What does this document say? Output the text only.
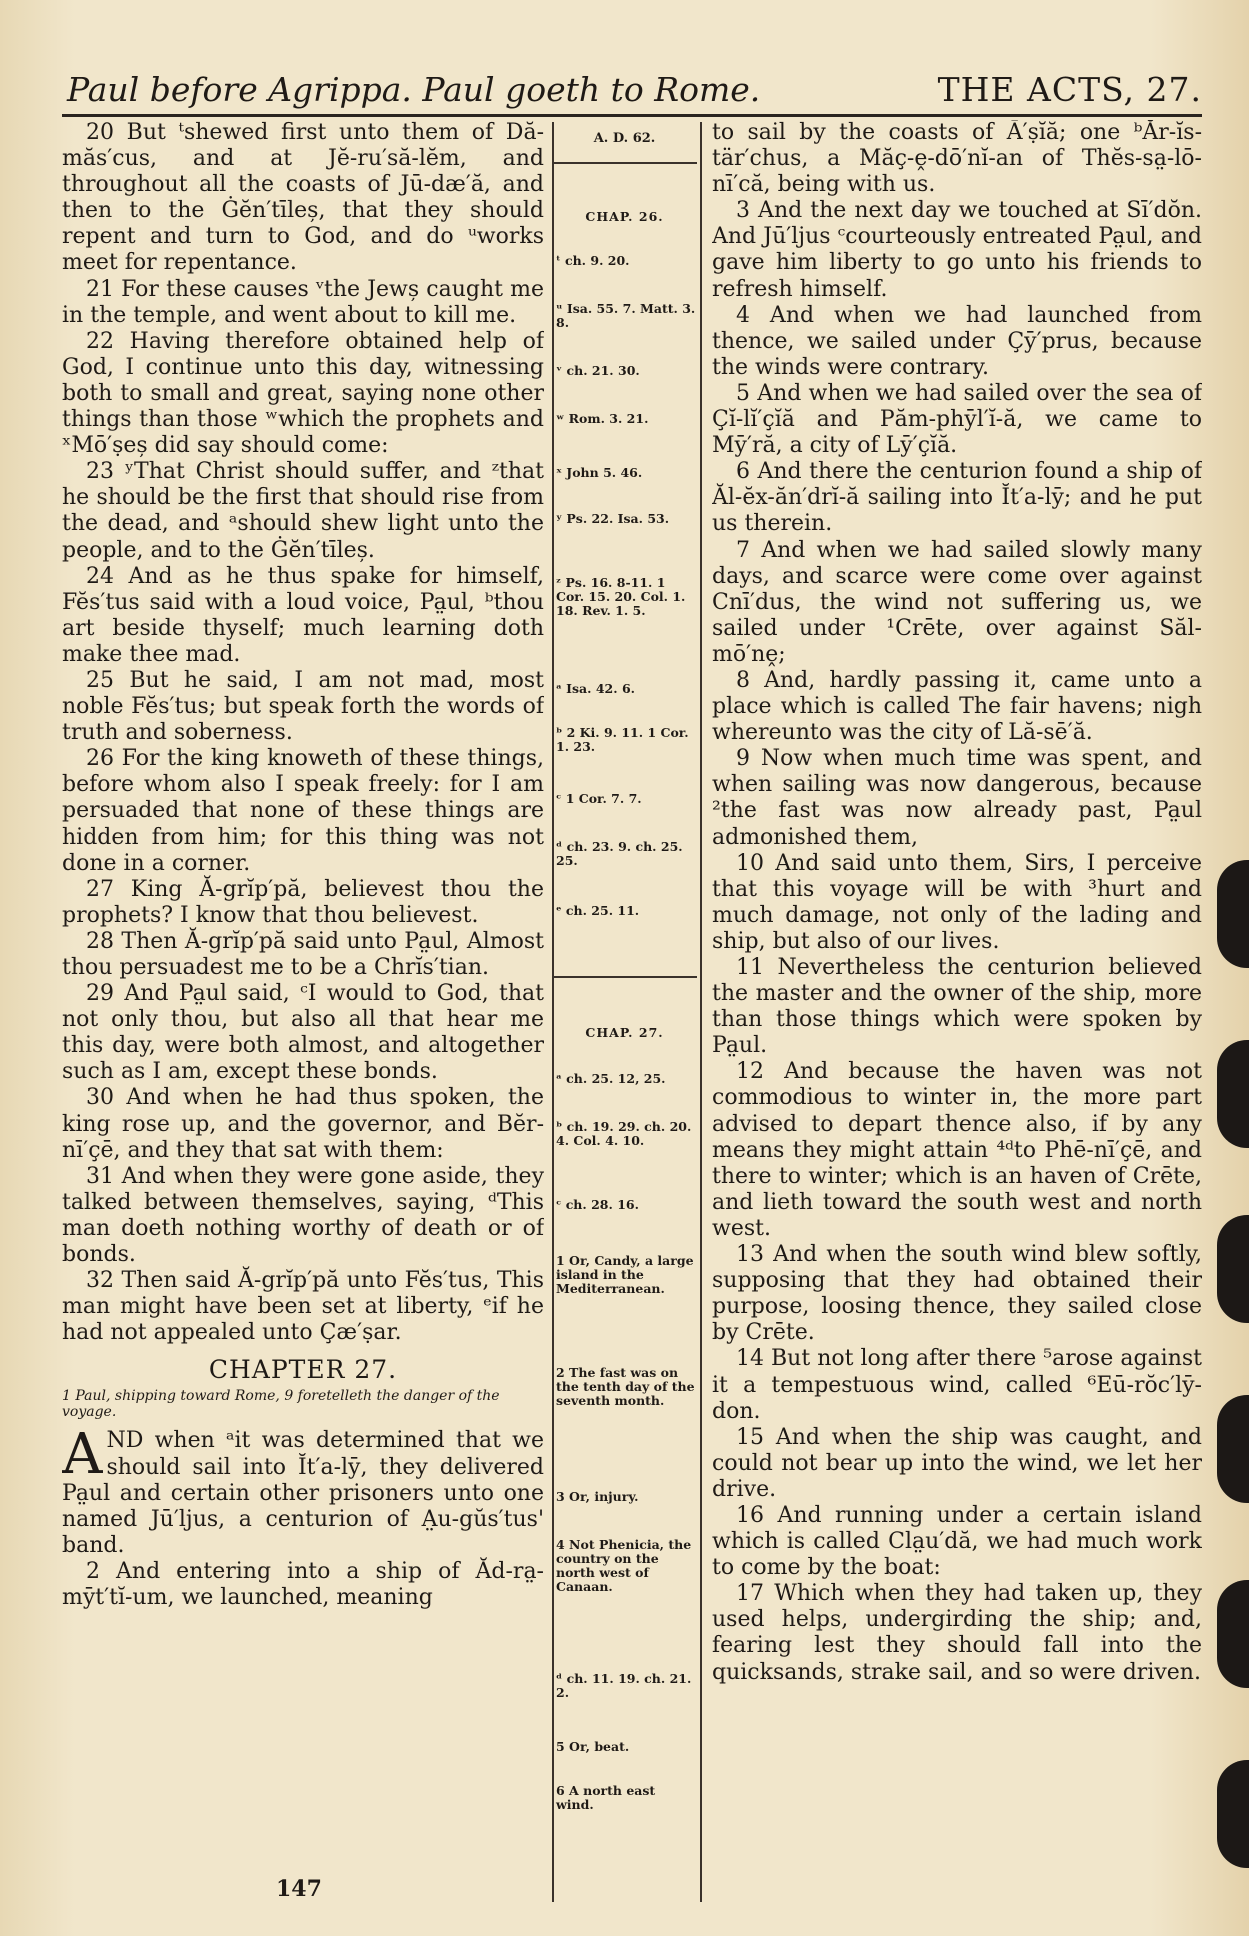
Paul before Agrippa. Paul goeth to Rome.	THE ACTS, 27.

20 But ᵗshewed first unto them of Dă-măs′cus, and at Jĕ-ru′să-lĕm, and throughout all the coasts of Jū-dæ′ă, and then to the Ġĕn′tīleș, that they should repent and turn to God, and do ᵘworks meet for repentance.

21 For these causes ᵛthe Jewș caught me in the temple, and went about to kill me.

22 Having therefore obtained help of God, I continue unto this day, witnessing both to small and great, saying none other things than those ʷwhich the prophets and ˣMō′ṣeș did say should come:

23 ʸThat Christ should suffer, and ᶻthat he should be the first that should rise from the dead, and ᵃshould shew light unto the people, and to the Ġĕn′tīleș.

24 And as he thus spake for himself, Fĕs′tus said with a loud voice, Pa̤ul, ᵇthou art beside thyself; much learning doth make thee mad.

25 But he said, I am not mad, most noble Fĕs′tus; but speak forth the words of truth and soberness.

26 For the king knoweth of these things, before whom also I speak freely: for I am persuaded that none of these things are hidden from him; for this thing was not done in a corner.

27 King Ă-grĭp′pă, believest thou the prophets? I know that thou believest.

28 Then Ă-grĭp′pă said unto Pa̤ul, Almost thou persuadest me to be a Chrĭs′tian.

29 And Pa̤ul said, ᶜI would to God, that not only thou, but also all that hear me this day, were both almost, and altogether such as I am, except these bonds.

30 And when he had thus spoken, the king rose up, and the governor, and Bĕr-nī′çē, and they that sat with them:

31 And when they were gone aside, they talked between themselves, saying, ᵈThis man doeth nothing worthy of death or of bonds.

32 Then said Ă-grĭp′pă unto Fĕs′tus, This man might have been set at liberty, ᵉif he had not appealed unto Çæ′ṣar.

CHAPTER 27.
1 Paul, shipping toward Rome, 9 foretelleth the danger of the voyage.

AND when ᵃit was determined that we should sail into Ĭt′a-lȳ, they delivered Pa̤ul and certain other prisoners unto one named Jū′ljus, a centurion of A̤u-gŭs′tus' band.

2 And entering into a ship of Ăd-ra̤-mȳt′tĭ-um, we launched, meaning

A. D. 62.
CHAP. 26.
ᵗ ch. 9. 20.
ᵘ Isa. 55. 7. Matt. 3. 8.
ᵛ ch. 21. 30.
ʷ Rom. 3. 21.
ˣ John 5. 46.
ʸ Ps. 22. Isa. 53.
ᶻ Ps. 16. 8-11. 1 Cor. 15. 20. Col. 1. 18. Rev. 1. 5.
ᵃ Isa. 42. 6.
ᵇ 2 Ki. 9. 11. 1 Cor. 1. 23.
ᶜ 1 Cor. 7. 7.
ᵈ ch. 23. 9. ch. 25. 25.
ᵉ ch. 25. 11.
CHAP. 27.
ᵃ ch. 25. 12, 25.
ᵇ ch. 19. 29. ch. 20. 4. Col. 4. 10.
ᶜ ch. 28. 16.
1 Or, Candy, a large island in the Mediterranean.
2 The fast was on the tenth day of the seventh month.
3 Or, injury.
4 Not Phenicia, the country on the north west of Canaan.
ᵈ ch. 11. 19. ch. 21. 2.
5 Or, beat.
6 A north east wind.

to sail by the coasts of Ā′ṣĭă; one ᵇĂr-ĭs-tär′chus, a Măç-ḙ-dō′nĭ-an of Thĕs-sa̤-lō-nī′că, being with us.

3 And the next day we touched at Sī′dŏn. And Jū′ljus ᶜcourteously entreated Pa̤ul, and gave him liberty to go unto his friends to refresh himself.

4 And when we had launched from thence, we sailed under Çȳ′prus, because the winds were contrary.

5 And when we had sailed over the sea of Çĭ-lĭ′çĭă and Păm-phȳl′ĭ-ă, we came to Mȳ′ră, a city of Lȳ′çĭă.

6 And there the centurion found a ship of Ăl-ĕx-ăn′drĭ-ă sailing into Ĭt′a-lȳ; and he put us therein.

7 And when we had sailed slowly many days, and scarce were come over against Cnī′dus, the wind not suffering us, we sailed under ¹Crēte, over against Săl-mō′nḙ;

8 And, hardly passing it, came unto a place which is called The fair havens; nigh whereunto was the city of Lă-sē′ă.

9 Now when much time was spent, and when sailing was now dangerous, because ²the fast was now already past, Pa̤ul admonished them,

10 And said unto them, Sirs, I perceive that this voyage will be with ³hurt and much damage, not only of the lading and ship, but also of our lives.

11 Nevertheless the centurion believed the master and the owner of the ship, more than those things which were spoken by Pa̤ul.

12 And because the haven was not commodious to winter in, the more part advised to depart thence also, if by any means they might attain ⁴ᵈto Phē-nī′çē, and there to winter; which is an haven of Crēte, and lieth toward the south west and north west.

13 And when the south wind blew softly, supposing that they had obtained their purpose, loosing thence, they sailed close by Crēte.

14 But not long after there ⁵arose against it a tempestuous wind, called ⁶Eū-rŏc′lȳ-don.

15 And when the ship was caught, and could not bear up into the wind, we let her drive.

16 And running under a certain island which is called Cla̤u′dă, we had much work to come by the boat:

17 Which when they had taken up, they used helps, undergirding the ship; and, fearing lest they should fall into the quicksands, strake sail, and so were driven.

147
